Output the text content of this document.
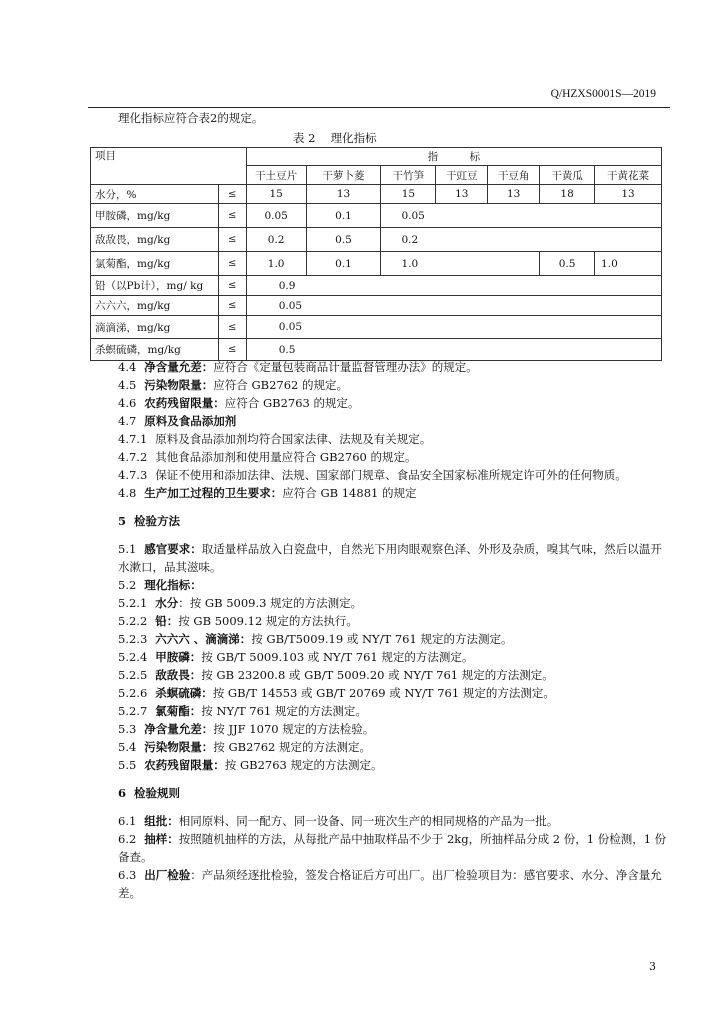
Q/HZXS0001S—2019
理化指标应符合表2的规定。
表 2　 理化指标
项目		指　　　标						
		干土豆片	干萝卜菱	干竹笋	干豇豆	干豆角	干黄瓜	干黄花菜
水分，%	≤	15	13	15	13	13	18	13
甲胺磷，mg/kg	≤	0.05	0.1	0.05				
敌敌畏，mg/kg	≤	0.2	0.5	0.2				
氯菊酯，mg/kg	≤	1.0	0.1	1.0			0.5	1.0
铅（以Pb计），mg/ kg	≤	0.9						
六六六，mg/kg	≤	0.05						
滴滴涕，mg/kg	≤	0.05						
杀螟硫磷，mg/kg	≤	0.5						
4.4 净含量允差：应符合《定量包装商品计量监督管理办法》的规定。
4.5 污染物限量：应符合 GB2762 的规定。
4.6 农药残留限量：应符合 GB2763 的规定。
4.7 原料及食品添加剂
4.7.1 原料及食品添加剂均符合国家法律、法规及有关规定。
4.7.2 其他食品添加剂和使用量应符合 GB2760 的规定。
4.7.3 保证不使用和添加法律、法规、国家部门规章、食品安全国家标准所规定许可外的任何物质。
4.8 生产加工过程的卫生要求：应符合 GB 14881 的规定
5 检验方法
5.1 感官要求：取适量样品放入白瓷盘中，自然光下用肉眼观察色泽、外形及杂质，嗅其气味，然后以温开水漱口，品其滋味。
5.2 理化指标：
5.2.1 水分：按 GB 5009.3 规定的方法测定。
5.2.2 铅：按 GB 5009.12 规定的方法执行。
5.2.3 六六六 、滴滴涕：按 GB/T5009.19 或 NY/T 761 规定的方法测定。
5.2.4 甲胺磷：按 GB/T 5009.103 或 NY/T 761 规定的方法测定。
5.2.5 敌敌畏：按 GB 23200.8 或 GB/T 5009.20 或 NY/T 761 规定的方法测定。
5.2.6 杀螟硫磷：按 GB/T 14553 或 GB/T 20769 或 NY/T 761 规定的方法测定。
5.2.7 氯菊酯：按 NY/T 761 规定的方法测定。
5.3 净含量允差：按 JJF 1070 规定的方法检验。
5.4 污染物限量：按 GB2762 规定的方法测定。
5.5 农药残留限量：按 GB2763 规定的方法测定。
6 检验规则
6.1 组批：相同原料、同一配方、同一设备、同一班次生产的相同规格的产品为一批。
6.2 抽样：按照随机抽样的方法，从每批产品中抽取样品不少于 2kg，所抽样品分成 2 份，1 份检测，1 份备查。
6.3 出厂检验：产品须经逐批检验，签发合格证后方可出厂。出厂检验项目为：感官要求、水分、净含量允差。
3
